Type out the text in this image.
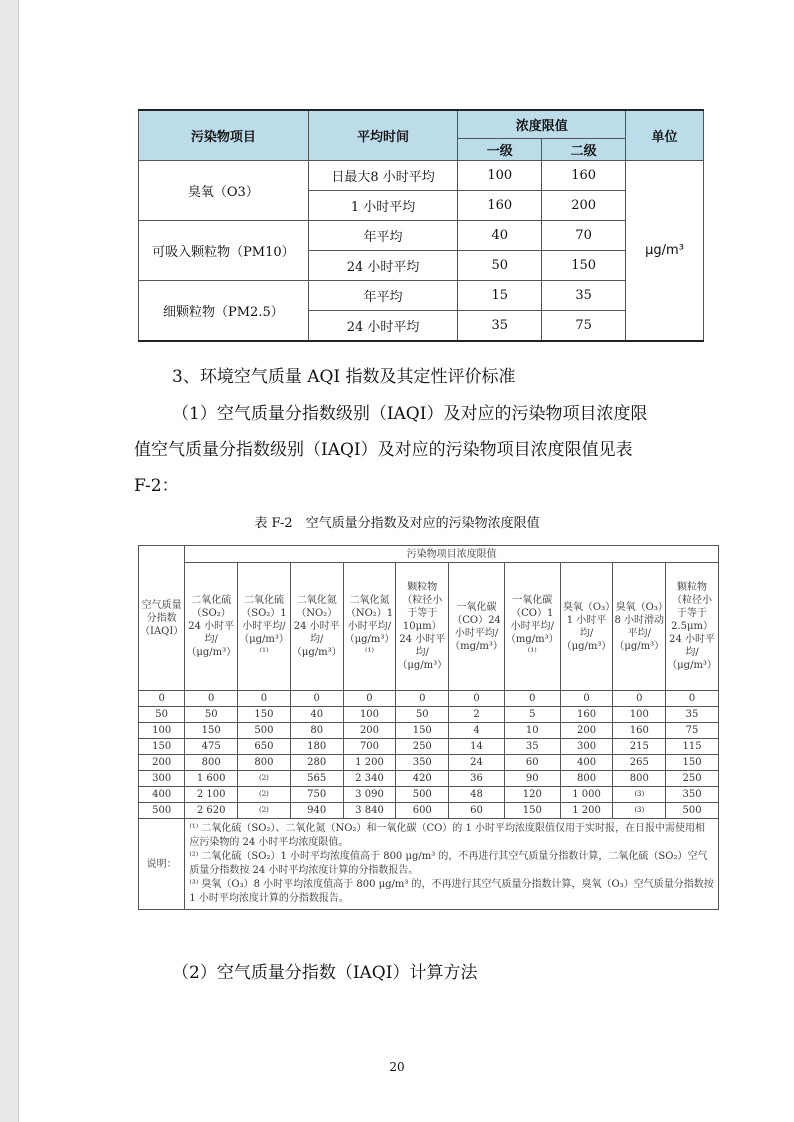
污染物项目	平均时间	浓度限值		单位
		一级	二级	
臭氧（O3）	日最大8 小时平均	100	160	μg/m³
	1 小时平均	160	200	
可吸入颗粒物（PM10）	年平均	40	70	
	24 小时平均	50	150	
细颗粒物（PM2.5）	年平均	15	35	
	24 小时平均	35	75	
3、环境空气质量 AQI 指数及其定性评价标准
（1）空气质量分指数级别（IAQI）及对应的污染物项目浓度限
值空气质量分指数级别（IAQI）及对应的污染物项目浓度限值见表
F-2：
表 F-2　空气质量分指数及对应的污染物浓度限值
空气质量分指数（IAQI）	污染物项目浓度限值									
	二氧化硫（SO₂）24 小时平均/（μg/m³）	二氧化硫（SO₂）1 小时平均/（μg/m³）⁽¹⁾	二氧化氮（NO₂）24 小时平均/（μg/m³）	二氧化氮（NO₂）1 小时平均/（μg/m³）⁽¹⁾	颗粒物（粒径小于等于10μm）24 小时平均/（μg/m³）	一氧化碳（CO）24 小时平均/（mg/m³）	一氧化碳（CO）1 小时平均/（mg/m³）⁽¹⁾	臭氧（O₃）1 小时平均/（μg/m³）	臭氧（O₃）8 小时滑动平均/（μg/m³）	颗粒物（粒径小于等于2.5μm）24 小时平均/（μg/m³）
0	0	0	0	0	0	0	0	0	0	0
50	50	150	40	100	50	2	5	160	100	35
100	150	500	80	200	150	4	10	200	160	75
150	475	650	180	700	250	14	35	300	215	115
200	800	800	280	1 200	350	24	60	400	265	150
300	1 600	(2)	565	2 340	420	36	90	800	800	250
400	2 100	(2)	750	3 090	500	48	120	1 000	(3)	350
500	2 620	(2)	940	3 840	600	60	150	1 200	(3)	500
说明：	⁽¹⁾ 二氧化硫（SO₂）、二氧化氮（NO₂）和一氧化碳（CO）的 1 小时平均浓度限值仅用于实时报，在日报中需使用相应污染物的 24 小时平均浓度限值。
⁽²⁾ 二氧化硫（SO₂）1 小时平均浓度值高于 800 μg/m³ 的，不再进行其空气质量分指数计算，二氧化硫（SO₂）空气质量分指数按 24 小时平均浓度计算的分指数报告。
⁽³⁾ 臭氧（O₃）8 小时平均浓度值高于 800 μg/m³ 的，不再进行其空气质量分指数计算，臭氧（O₃）空气质量分指数按 1 小时平均浓度计算的分指数报告。									
（2）空气质量分指数（IAQI）计算方法
20
